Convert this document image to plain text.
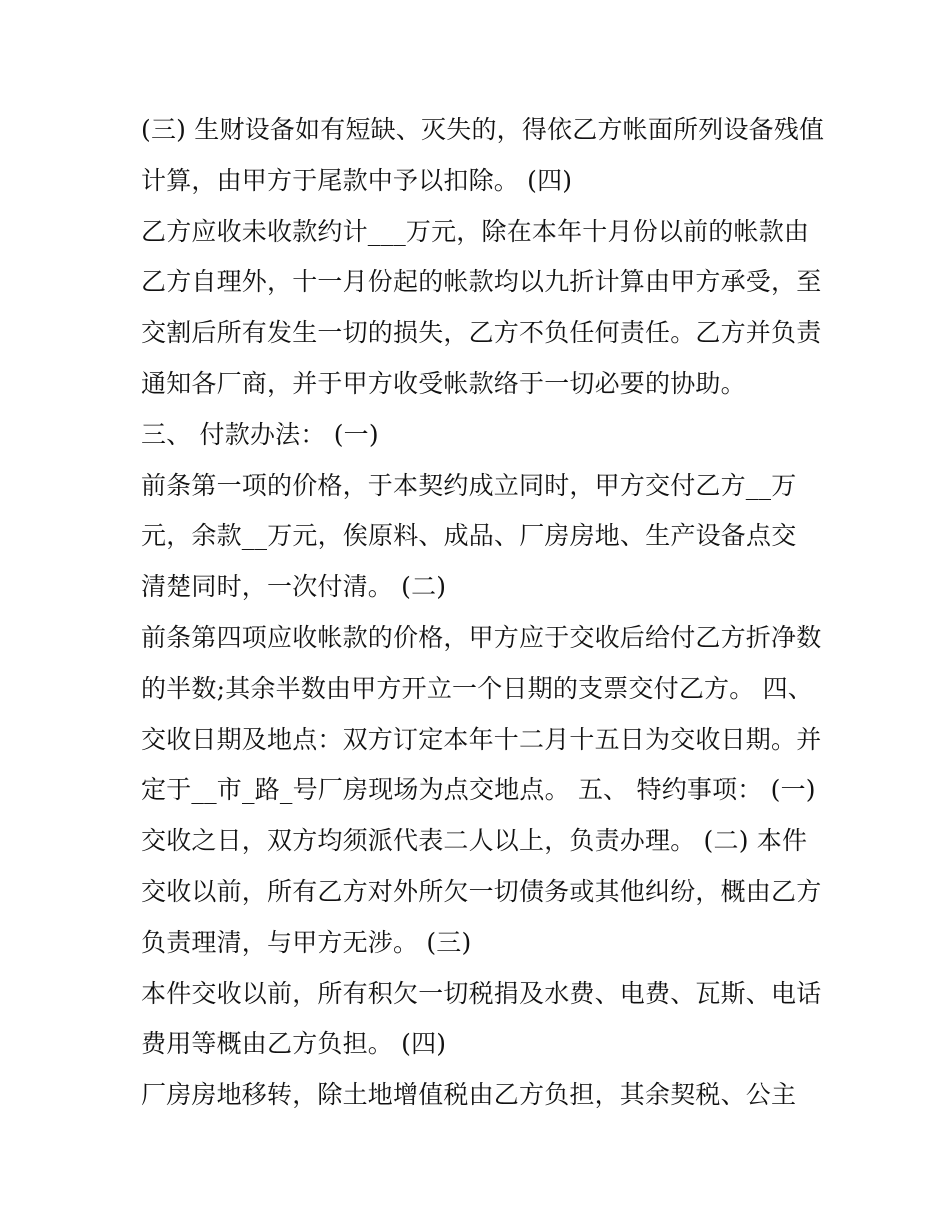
(三) 生财设备如有短缺、灭失的，得依乙方帐面所列设备残值
计算，由甲方于尾款中予以扣除。 (四)
乙方应收未收款约计___万元，除在本年十月份以前的帐款由
乙方自理外，十一月份起的帐款均以九折计算由甲方承受，至
交割后所有发生一切的损失，乙方不负任何责任。乙方并负责
通知各厂商，并于甲方收受帐款络于一切必要的协助。
三、 付款办法： (一)
前条第一项的价格，于本契约成立同时，甲方交付乙方__万
元，余款__万元，俟原料、成品、厂房房地、生产设备点交
清楚同时，一次付清。 (二)
前条第四项应收帐款的价格，甲方应于交收后给付乙方折净数
的半数;其余半数由甲方开立一个日期的支票交付乙方。 四、
交收日期及地点：双方订定本年十二月十五日为交收日期。并
定于__市_路_号厂房现场为点交地点。 五、 特约事项： (一)
交收之日，双方均须派代表二人以上，负责办理。 (二) 本件
交收以前，所有乙方对外所欠一切债务或其他纠纷，概由乙方
负责理清，与甲方无涉。 (三)
本件交收以前，所有积欠一切税捐及水费、电费、瓦斯、电话
费用等概由乙方负担。 (四)
厂房房地移转，除土地增值税由乙方负担，其余契税、公主
